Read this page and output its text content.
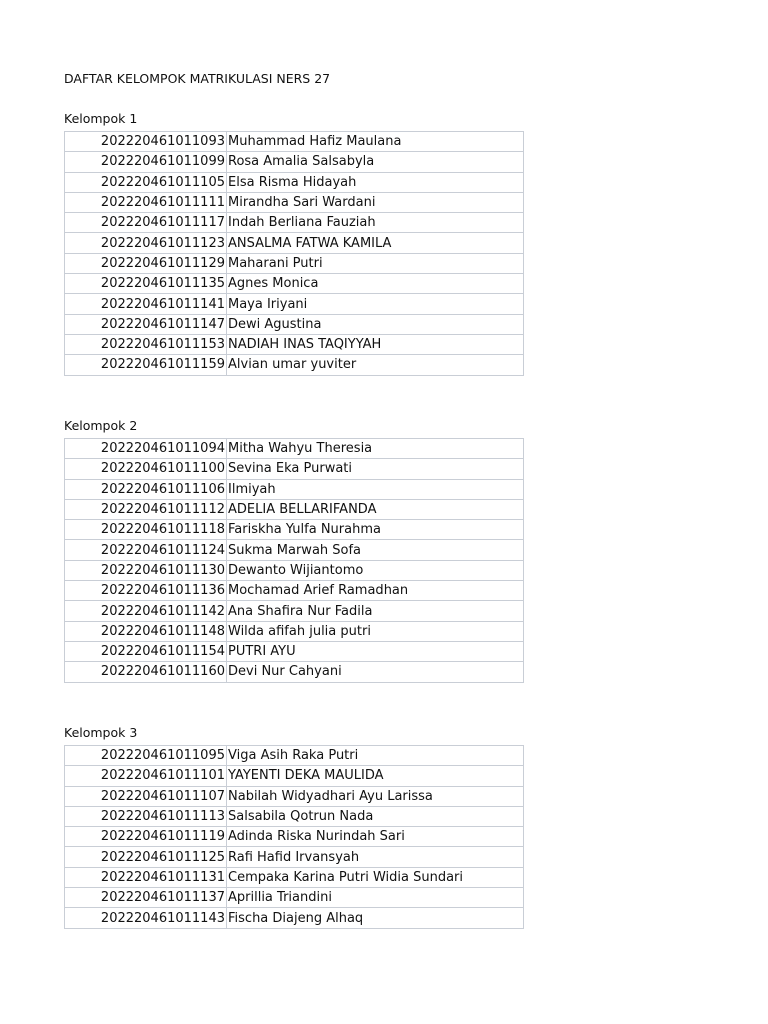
DAFTAR KELOMPOK MATRIKULASI NERS 27
Kelompok 1
202220461011093	Muhammad Hafiz Maulana
202220461011099	Rosa Amalia Salsabyla
202220461011105	Elsa Risma Hidayah
202220461011111	Mirandha Sari Wardani
202220461011117	Indah Berliana Fauziah
202220461011123	ANSALMA FATWA KAMILA
202220461011129	Maharani Putri
202220461011135	Agnes Monica
202220461011141	Maya Iriyani
202220461011147	Dewi Agustina
202220461011153	NADIAH INAS TAQIYYAH
202220461011159	Alvian umar yuviter
Kelompok 2
202220461011094	Mitha Wahyu Theresia
202220461011100	Sevina Eka Purwati
202220461011106	Ilmiyah
202220461011112	ADELIA BELLARIFANDA
202220461011118	Fariskha Yulfa Nurahma
202220461011124	Sukma Marwah Sofa
202220461011130	Dewanto Wijiantomo
202220461011136	Mochamad Arief Ramadhan
202220461011142	Ana Shafira Nur Fadila
202220461011148	Wilda afifah julia putri
202220461011154	PUTRI AYU
202220461011160	Devi Nur Cahyani
Kelompok 3
202220461011095	Viga Asih Raka Putri
202220461011101	YAYENTI DEKA MAULIDA
202220461011107	Nabilah Widyadhari Ayu Larissa
202220461011113	Salsabila Qotrun Nada
202220461011119	Adinda Riska Nurindah Sari
202220461011125	Rafi Hafid Irvansyah
202220461011131	Cempaka Karina Putri Widia Sundari
202220461011137	Aprillia Triandini
202220461011143	Fischa Diajeng Alhaq
